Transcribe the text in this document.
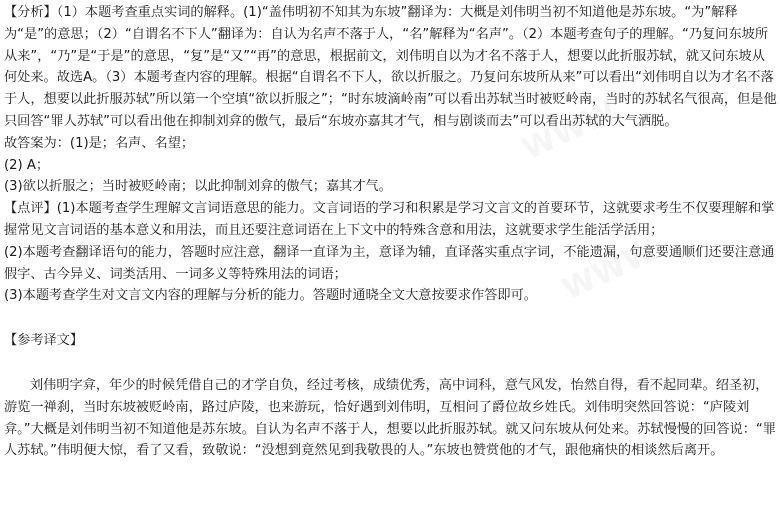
【分析】（1）本题考查重点实词的解释。(1)“盖伟明初不知其为东坡”翻译为：大概是刘伟明当初不知道他是苏东坡。“为”解释为“是”的意思；（2）“自谓名不下人”翻译为：自认为名声不落于人，“名”解释为“名声”。（2）本题考查句子的理解。“乃复问东坡所从来”，“乃”是“于是”的意思，“复”是“又”“再”的意思，根据前文，刘伟明自以为才名不落于人，想要以此折服苏轼，就又问东坡从何处来。故选A。（3）本题考查内容的理解。根据“自谓名不下人，欲以折服之。乃复问东坡所从来”可以看出“刘伟明自以为才名不落于人，想要以此折服苏轼”所以第一个空填“欲以折服之”；“时东坡滴岭南”可以看出苏轼当时被贬岭南，当时的苏轼名气很高，但是他只回答“罪人苏轼”可以看出他在抑制刘弇的傲气，最后“东坡亦嘉其才气，相与剧谈而去”可以看出苏轼的大气洒脱。

故答案为：(1)是；名声、名望；

(2) A；

(3)欲以折服之；当时被贬岭南；以此抑制刘弇的傲气；嘉其才气。

【点评】(1)本题考查学生理解文言词语意思的能力。文言词语的学习和积累是学习文言文的首要环节，这就要求考生不仅要理解和掌握常见文言词语的基本意义和用法，而且还要注意词语在上下文中的特殊含意和用法，这就要求学生能活学活用；

(2)本题考查翻译语句的能力，答题时应注意，翻译一直译为主，意译为辅，直译落实重点字词，不能遗漏，句意要通顺们还要注意通假字、古今异义、词类活用、一词多义等特殊用法的词语；

(3)本题考查学生对文言文内容的理解与分析的能力。答题时通晓全文大意按要求作答即可。

【参考译文】

刘伟明字弇，年少的时候凭借自己的才学自负，经过考核，成绩优秀，高中词科，意气风发，怡然自得，看不起同辈。绍圣初，游览一禅刹，当时东坡被贬岭南，路过庐陵，也来游玩，恰好遇到刘伟明，互相问了爵位故乡姓氏。刘伟明突然回答说：“庐陵刘弇。”大概是刘伟明当初不知道他是苏东坡。自认为名声不落于人，想要以此折服苏轼。就又问东坡从何处来。苏轼慢慢的回答说：“罪人苏轼。”伟明便大惊，看了又看，致敬说：“没想到竟然见到我敬畏的人。”东坡也赞赏他的才气，跟他痛快的相谈然后离开。
